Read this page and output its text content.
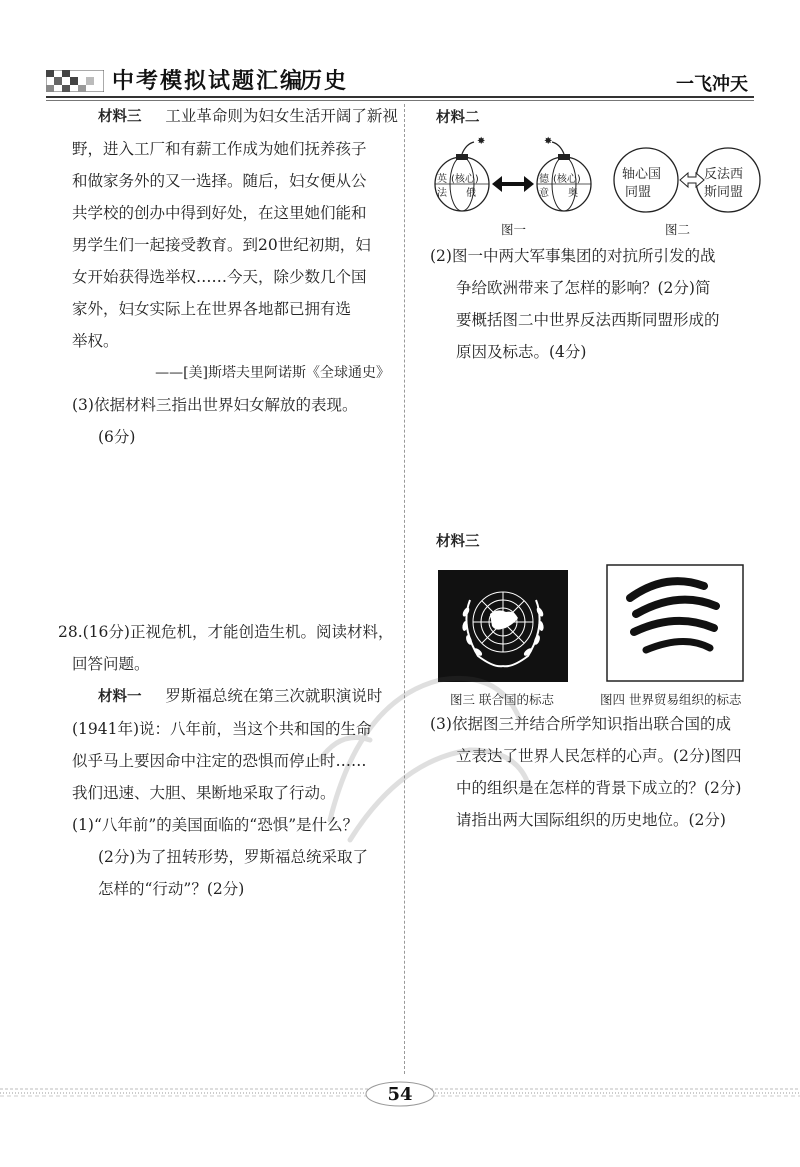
中考模拟试题汇编
历史	一飞冲天
材料三 工业革命则为妇女生活开阔了新视
野，进入工厂和有薪工作成为她们抚养孩子
和做家务外的又一选择。随后，妇女便从公
共学校的创办中得到好处，在这里她们能和
男学生们一起接受教育。到20世纪初期，妇
女开始获得选举权……今天，除少数几个国
家外，妇女实际上在世界各地都已拥有选
举权。
——[美]斯塔夫里阿诺斯《全球通史》
(3)依据材料三指出世界妇女解放的表现。
(6分)
28.(16分)正视危机，才能创造生机。阅读材料，
回答问题。
材料一 罗斯福总统在第三次就职演说时
(1941年)说：八年前，当这个共和国的生命
似乎马上要因命中注定的恐惧而停止时……
我们迅速、大胆、果断地采取了行动。
(1)“八年前”的美国面临的“恐惧”是什么？
(2分)为了扭转形势，罗斯福总统采取了
怎样的“行动”？(2分)
材料二
✸	✸
英 (核心)
法 俄
德 (核心)
意 奥
图一
轴心国
同盟
反法西
斯同盟
图二
(2)图一中两大军事集团的对抗所引发的战
争给欧洲带来了怎样的影响？(2分)简
要概括图二中世界反法西斯同盟形成的
原因及标志。(4分)
材料三
图三 联合国的标志	图四 世界贸易组织的标志
(3)依据图三并结合所学知识指出联合国的成
立表达了世界人民怎样的心声。(2分)图四
中的组织是在怎样的背景下成立的？(2分)
请指出两大国际组织的历史地位。(2分)
54
